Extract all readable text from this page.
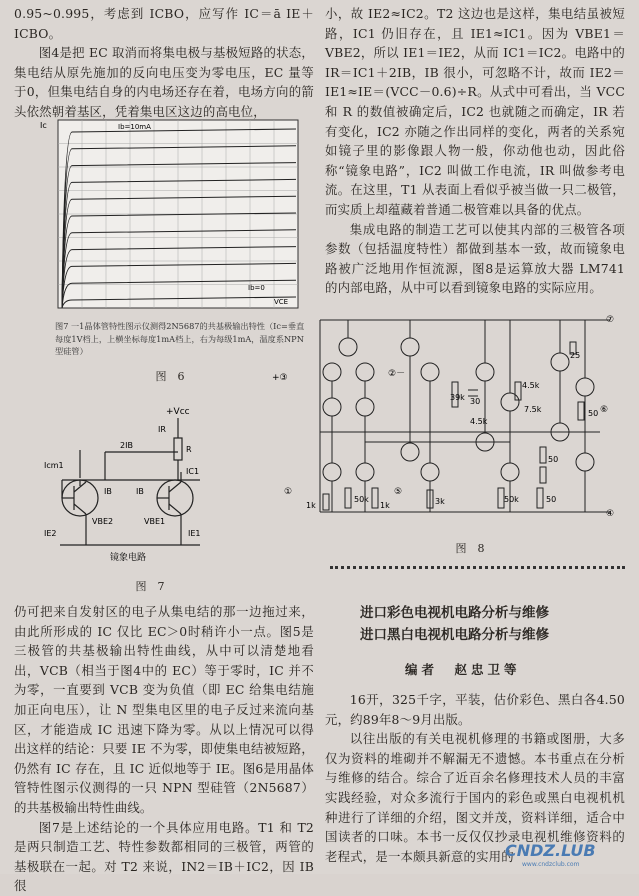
0.95~0.995，考虑到 ICBO，应写作 IC＝ā IE＋ICBO。

图4是把 EC 取消而将集电极与基极短路的状态，集电结从原先施加的反向电压变为零电压，EC 量等于0，但集电结自身的内电场还存在着，电场方向的箭头依然朝着基区，凭着集电区这边的高电位，

Ic
VCE
Ib=10mA
Ib=0
图7 一1晶体管特性图示仪测得2N5687的共基极输出特性（Ic=垂直每度1V档上，上横坐标每度1mA档上，右为每级1mA，温度系NPN型硅管）
图　6
+Vcc
IR
R
2IB
IC1
Icm1
IB	IB
VBE2	VBE1
IE2	IE1
镜象电路
图　7

仍可把来自发射区的电子从集电结的那一边拖过来，由此所形成的 IC 仅比 EC＞0时稍许小一点。图5是三极管的共基极输出特性曲线，从中可以清楚地看出，VCB（相当于图4中的 EC）等于零时，IC 并不为零，一直要到 VCB 变为负值（即 EC 给集电结施加正向电压），让 N 型集电区里的电子反过来流向基区，才能造成 IC 迅速下降为零。从以上情况可以得出这样的结论：只要 IE 不为零，即使集电结被短路，仍然有 IC 存在，且 IC 近似地等于 IE。图6是用晶体管特性图示仪测得的一只 NPN 型硅管（2N5687）的共基极输出特性曲线。

图7是上述结论的一个具体应用电路。T1 和 T2 是两只制造工艺、特性参数都相同的三极管，两管的基极联在一起。对 T2 来说，IN2＝IB＋IC2，因 IB 很

小，故 IE2≈IC2。T2 这边也是这样，集电结虽被短路，IC1 仍旧存在，且 IE1≈IC1。因为 VBE1＝VBE2，所以 IE1＝IE2，从而 IC1＝IC2。电路中的 IR＝IC1＋2IB，IB 很小，可忽略不计，故而 IE2＝IE1≈IE＝(VCC－0.6)÷R。从式中可看出，当 VCC 和 R 的数值被确定后，IC2 也就随之而确定，IR 若有变化，IC2 亦随之作出同样的变化，两者的关系宛如镜子里的影像跟人物一般，你动他也动，因此俗称“镜象电路”，IC2 叫做工作电流，IR 叫做参考电流。在这里，T1 从表面上看似乎被当做一只二极管，而实质上却蕴藏着普通二极管难以具备的优点。

集成电路的制造工艺可以使其内部的三极管各项参数（包括温度特性）都做到基本一致，故而镜象电路被广泛地用作恒流源，图8是运算放大器 LM741 的内部电路，从中可以看到镜象电路的实际应用。

+③	②－
⑦
⑥
④
⑤
①
39k 30
4.5k
7.5k
25
50
1k
50k
1k	3k	50k	50
50
4.5k
图　8
进口彩色电视机电路分析与维修
进口黑白电视机电路分析与维修
编者　赵忠卫等

16开，325千字，平装，估价彩色、黑白各4.50元，约89年8～9月出版。

以往出版的有关电视机修理的书籍或图册，大多仅为资料的堆砌并不解漏无不遗憾。本书重点在分析与维修的结合。综合了近百余名修理技术人员的丰富实践经验，对众多流行于国内的彩色或黑白电视机机种进行了详细的介绍，图文并茂，资料详细，适合中国读者的口味。本书一反仅仅抄录电视机维修资料的老程式，是一本颇具新意的实用的

CNDZ.LUB
www.cndzclub.com
